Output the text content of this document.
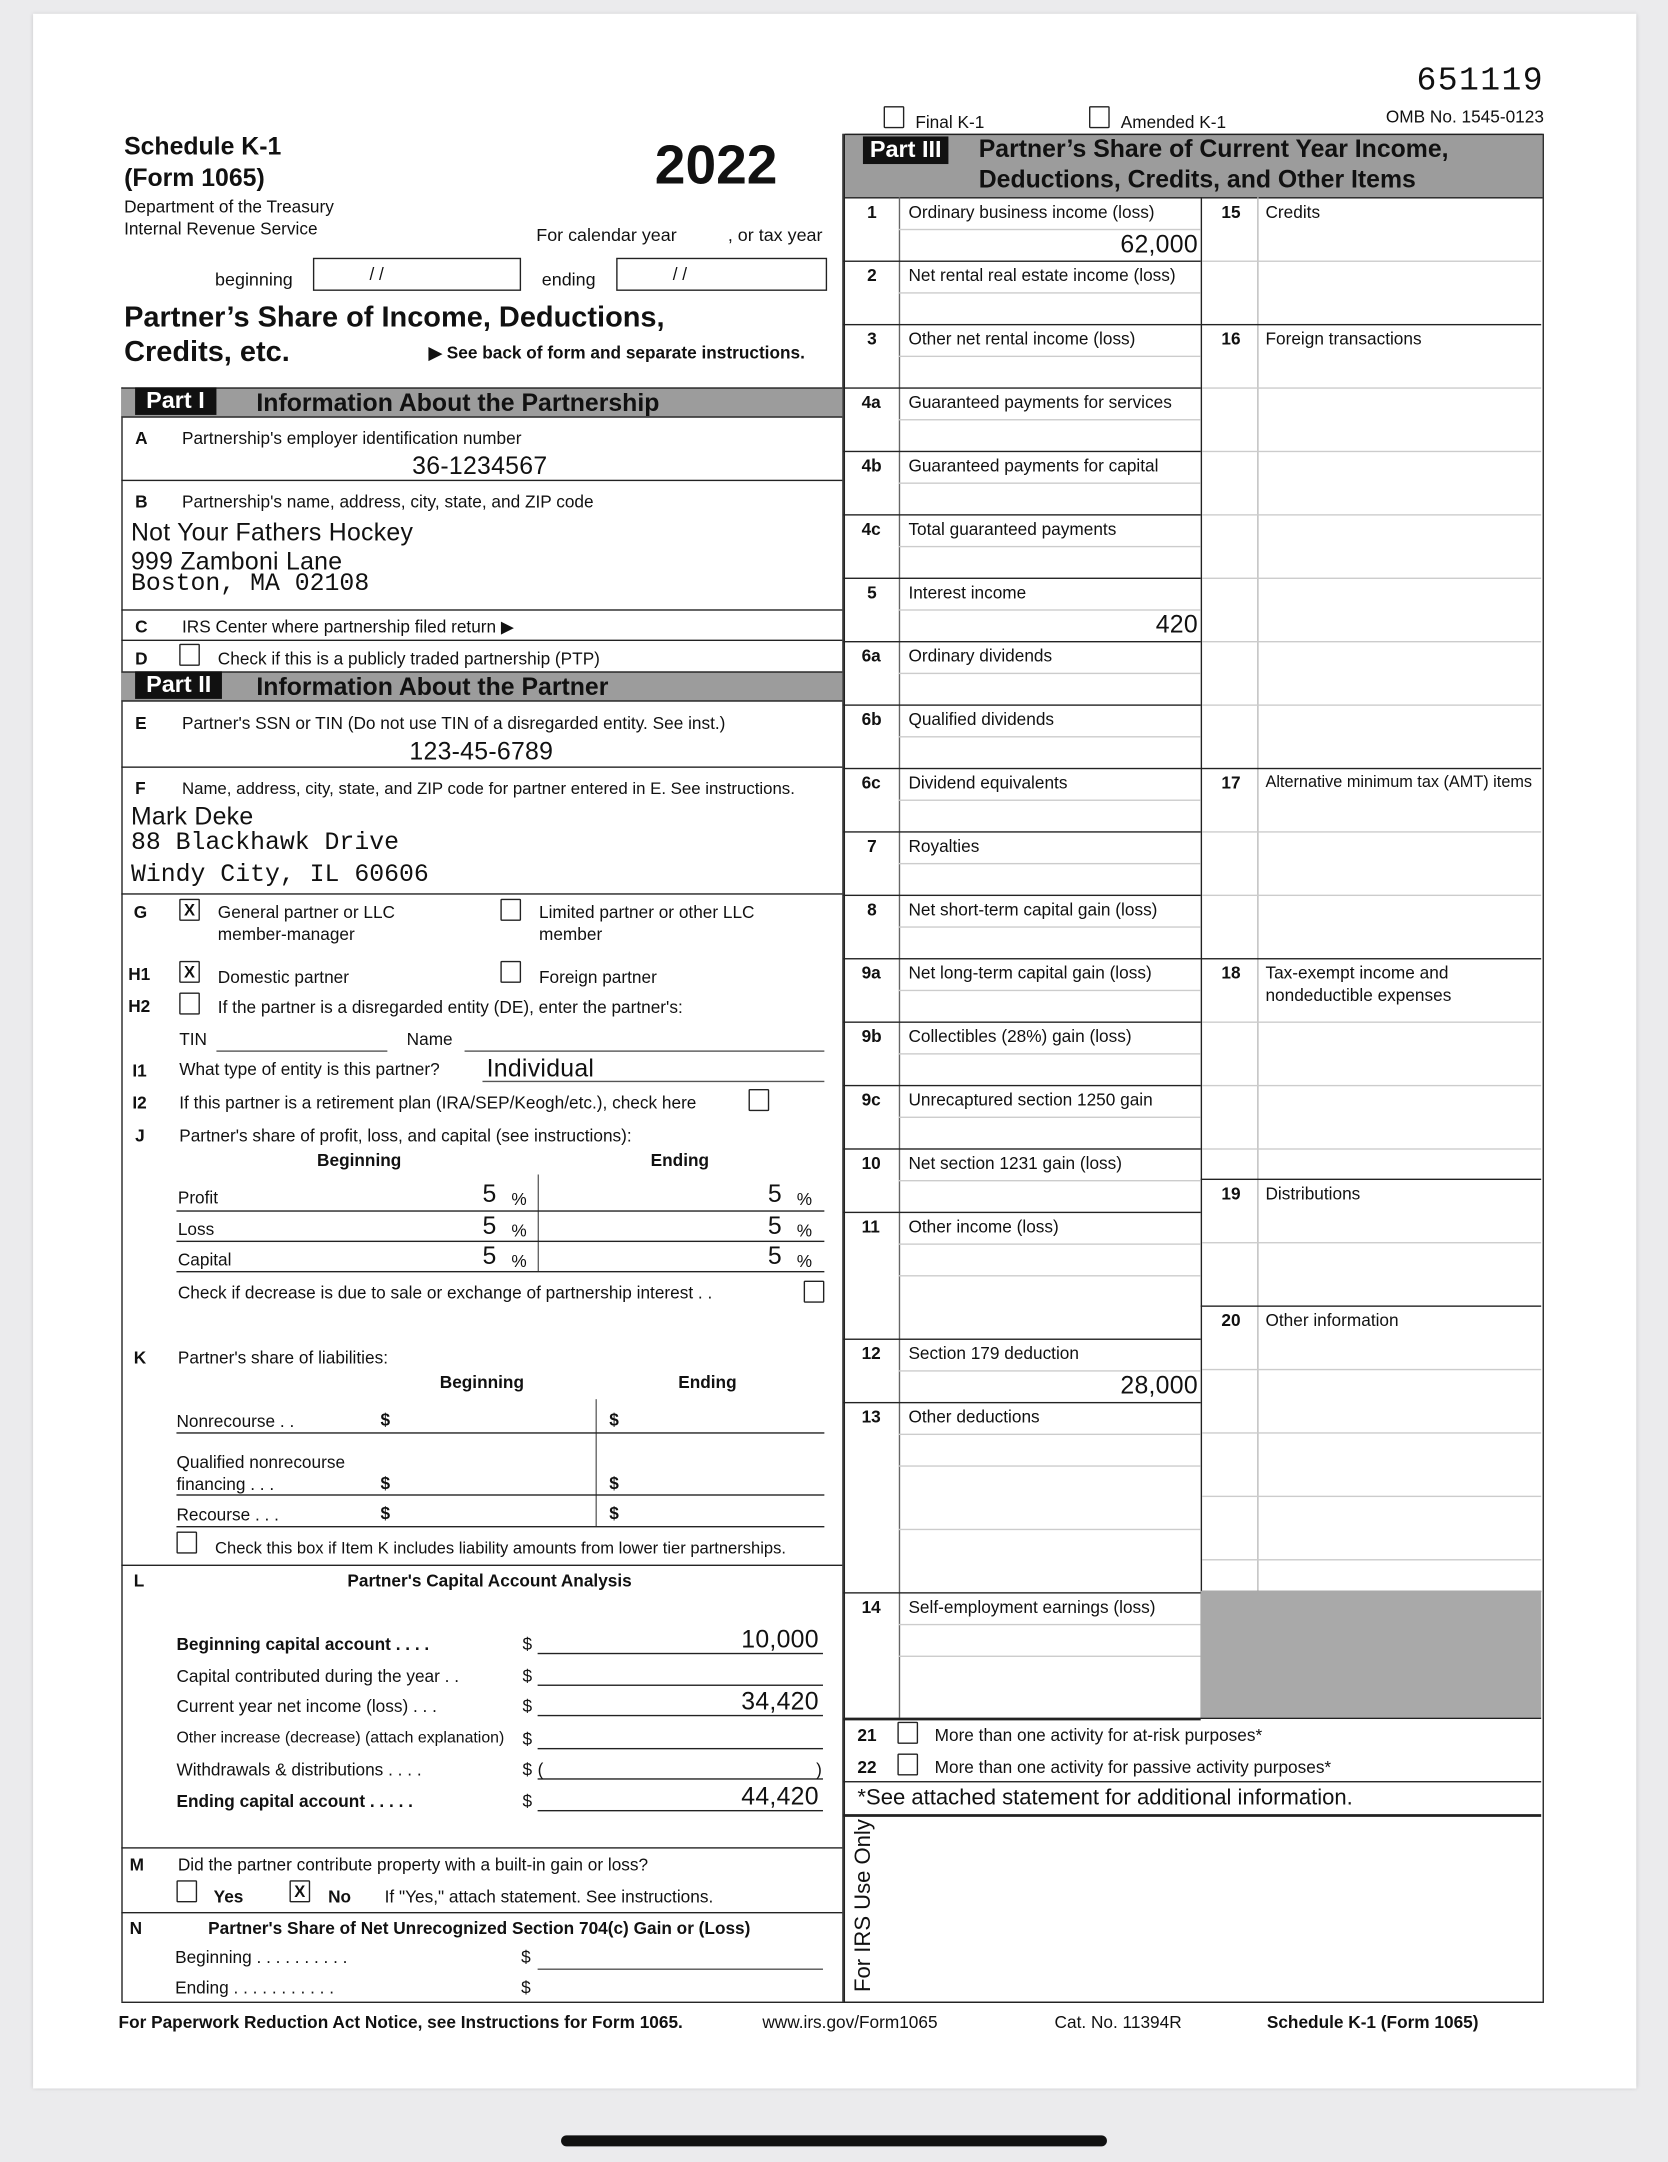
Schedule K-1
(Form 1065)
Department of the Treasury
Internal Revenue Service
2022
For calendar year	, or tax year
beginning	/ /	ending	/ /
Partner’s Share of Income, Deductions,
Credits, etc.	▶ See back of form and separate instructions.
651119
OMB No. 1545-0123
Final K-1	Amended K-1
Part I	Information About the Partnership
A	Partnership's employer identification number
36-1234567
B	Partnership's name, address, city, state, and ZIP code
Not Your Fathers Hockey
999 Zamboni Lane
Boston, MA 02108
C	IRS Center where partnership filed return ▶
D	Check if this is a publicly traded partnership (PTP)
Part II	Information About the Partner
E	Partner's SSN or TIN (Do not use TIN of a disregarded entity. See inst.)
123-45-6789
F	Name, address, city, state, and ZIP code for partner entered in E. See instructions.
Mark Deke
88 Blackhawk Drive
Windy City, IL 60606
G	X	General partner or LLC
member-manager
Limited partner or other LLC
member
H1	X	Domestic partner	Foreign partner
H2	If the partner is a disregarded entity (DE), enter the partner's:
TIN	Name
I1	What type of entity is this partner?	Individual
I2	If this partner is a retirement plan (IRA/SEP/Keogh/etc.), check here
J	Partner's share of profit, loss, and capital (see instructions):
Beginning	Ending
Profit	5 %	5 %
Loss	5 %	5 %
Capital	5 %	5 %
Check if decrease is due to sale or exchange of partnership interest . .
K	Partner's share of liabilities:
Beginning	Ending
Nonrecourse . .	$	$
Qualified nonrecourse
financing . . .	$	$
Recourse . . .	$	$
Check this box if Item K includes liability amounts from lower tier partnerships.
L	Partner's Capital Account Analysis
Beginning capital account . . . .	$	10,000
Capital contributed during the year . .	$
Current year net income (loss) . . .	$	34,420
Other increase (decrease) (attach explanation) $
Withdrawals & distributions . . . .	$ (	)
Ending capital account . . . . .	$	44,420
M	Did the partner contribute property with a built-in gain or loss?
Yes	X	No	If "Yes," attach statement. See instructions.
N	Partner's Share of Net Unrecognized Section 704(c) Gain or (Loss)
Beginning . . . . . . . . . .	$
Ending . . . . . . . . . . .	$
Part III	Partner’s Share of Current Year Income,
Deductions, Credits, and Other Items
1	Ordinary business income (loss)
62,000
2	Net rental real estate income (loss)
3	Other net rental income (loss)
4a Guaranteed payments for services
4b Guaranteed payments for capital
4c Total guaranteed payments
5	Interest income
420
6a Ordinary dividends
6b Qualified dividends
6c Dividend equivalents
7	Royalties
8	Net short-term capital gain (loss)
9a Net long-term capital gain (loss)
9b Collectibles (28%) gain (loss)
9c Unrecaptured section 1250 gain
10 Net section 1231 gain (loss)
11 Other income (loss)
12 Section 179 deduction
28,000
13 Other deductions
14 Self-employment earnings (loss)
15 Credits
16 Foreign transactions
17 Alternative minimum tax (AMT) items
18 Tax-exempt income and
nondeductible expenses
19 Distributions
20 Other information
21	More than one activity for at-risk purposes*
22	More than one activity for passive activity purposes*
*See attached statement for additional information.
For IRS Use Only
For Paperwork Reduction Act Notice, see Instructions for Form 1065.	www.irs.gov/Form1065	Cat. No. 11394R	Schedule K-1 (Form 1065)
